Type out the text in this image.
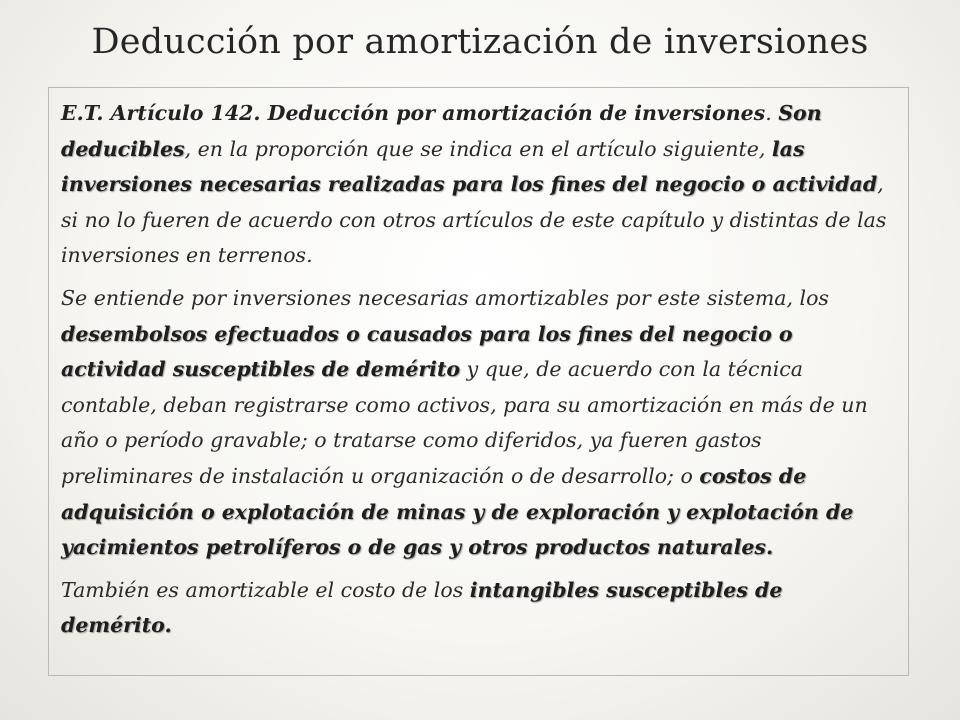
Deducción por amortización de inversiones

E.T. Artículo 142. Deducción por amortización de inversiones. Son deducibles, en la proporción que se indica en el artículo siguiente, las inversiones necesarias realizadas para los fines del negocio o actividad, si no lo fueren de acuerdo con otros artículos de este capítulo y distintas de las inversiones en terrenos.

Se entiende por inversiones necesarias amortizables por este sistema, los desembolsos efectuados o causados para los fines del negocio o actividad susceptibles de demérito y que, de acuerdo con la técnica contable, deban registrarse como activos, para su amortización en más de un año o período gravable; o tratarse como diferidos, ya fueren gastos preliminares de instalación u organización o de desarrollo; o costos de adquisición o explotación de minas y de exploración y explotación de yacimientos petrolíferos o de gas y otros productos naturales.

También es amortizable el costo de los intangibles susceptibles de demérito.
